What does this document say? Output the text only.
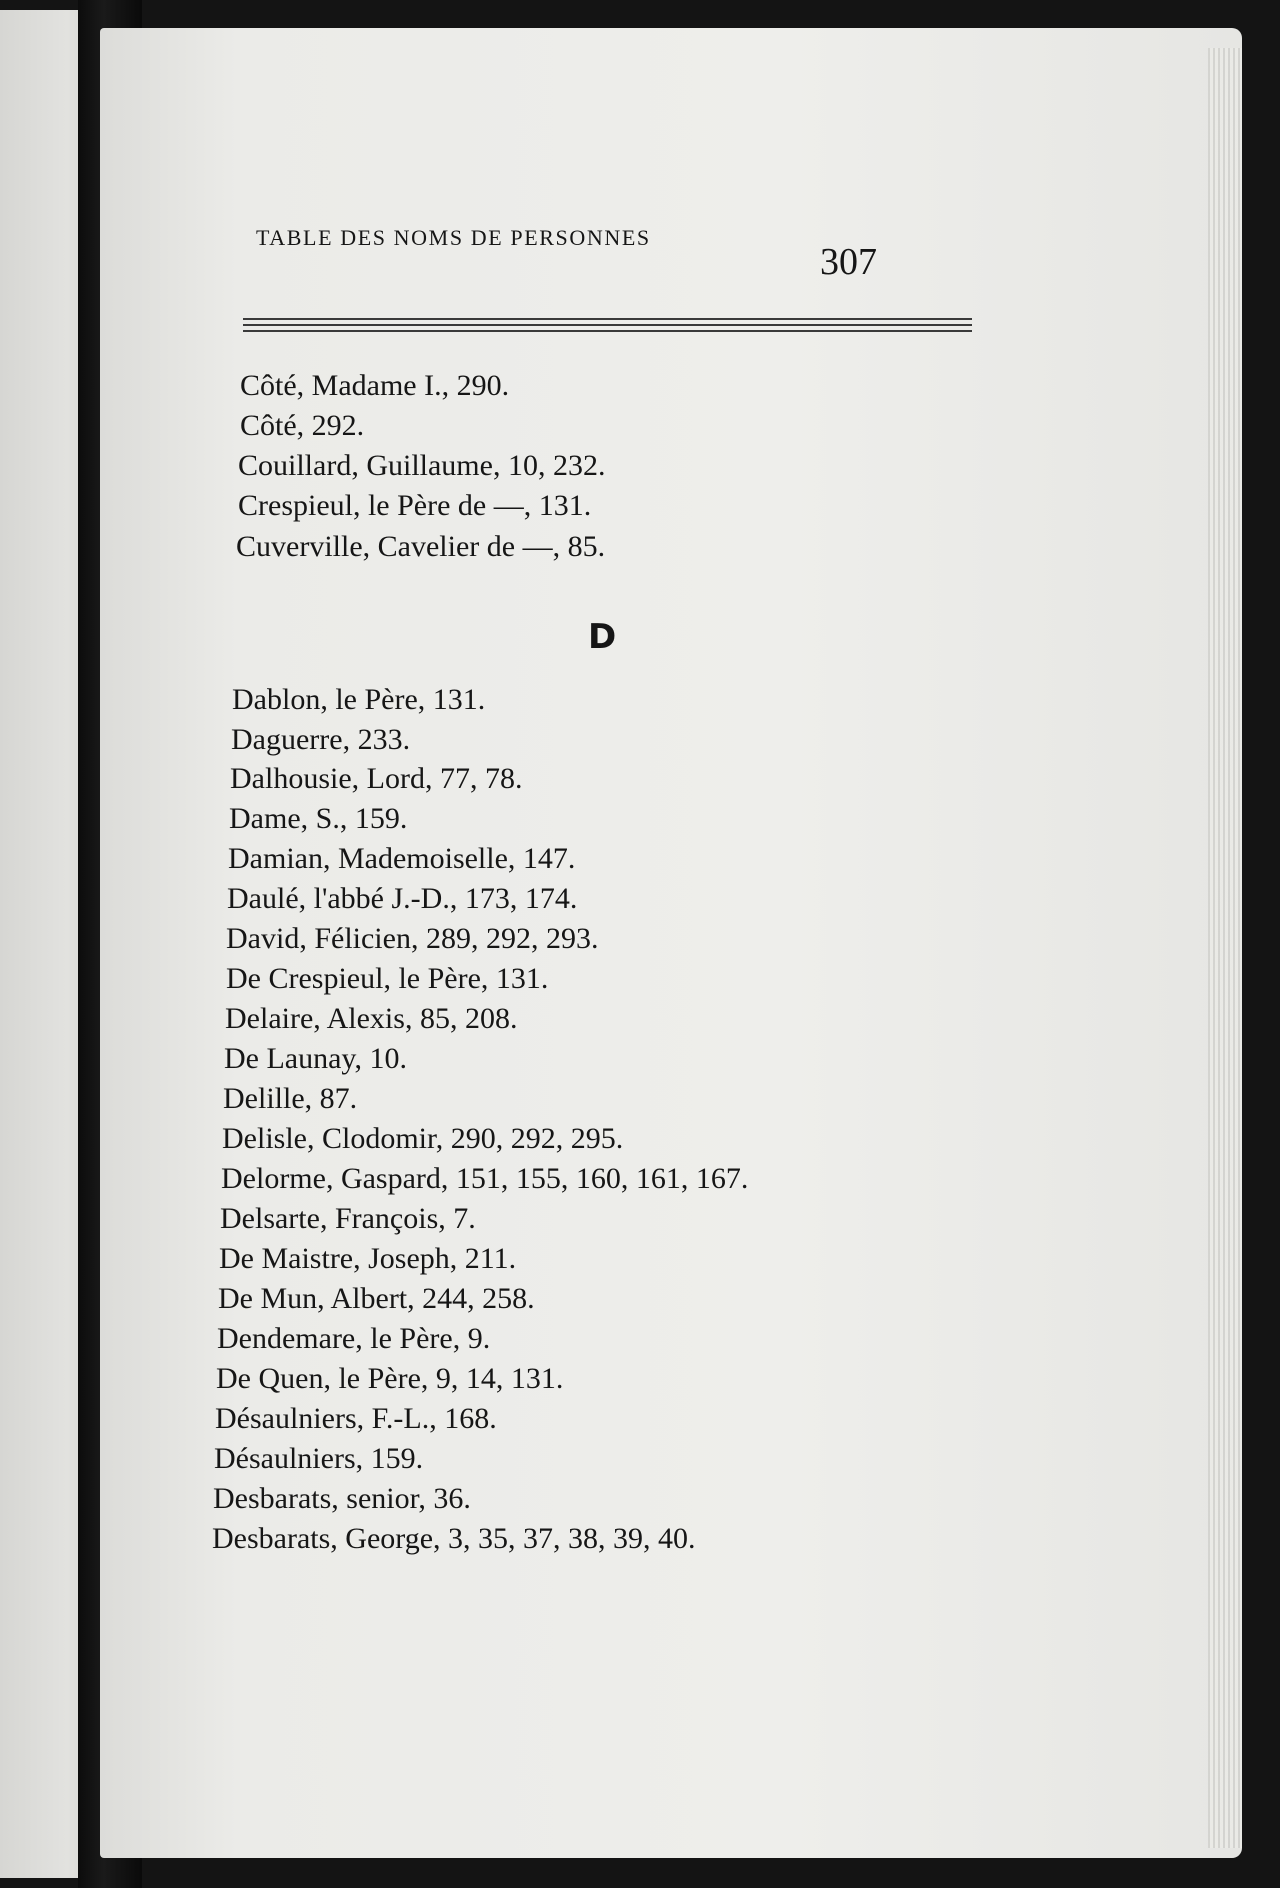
TABLE DES NOMS DE PERSONNES
307
Côté, Madame I., 290.
Côté, 292.
Couillard, Guillaume, 10, 232.
Crespieul, le Père de —, 131.
Cuverville, Cavelier de —, 85.
D
Dablon, le Père, 131.
Daguerre, 233.
Dalhousie, Lord, 77, 78.
Dame, S., 159.
Damian, Mademoiselle, 147.
Daulé, l'abbé J.-D., 173, 174.
David, Félicien, 289, 292, 293.
De Crespieul, le Père, 131.
Delaire, Alexis, 85, 208.
De Launay, 10.
Delille, 87.
Delisle, Clodomir, 290, 292, 295.
Delorme, Gaspard, 151, 155, 160, 161, 167.
Delsarte, François, 7.
De Maistre, Joseph, 211.
De Mun, Albert, 244, 258.
Dendemare, le Père, 9.
De Quen, le Père, 9, 14, 131.
Désaulniers, F.-L., 168.
Désaulniers, 159.
Desbarats, senior, 36.
Desbarats, George, 3, 35, 37, 38, 39, 40.
